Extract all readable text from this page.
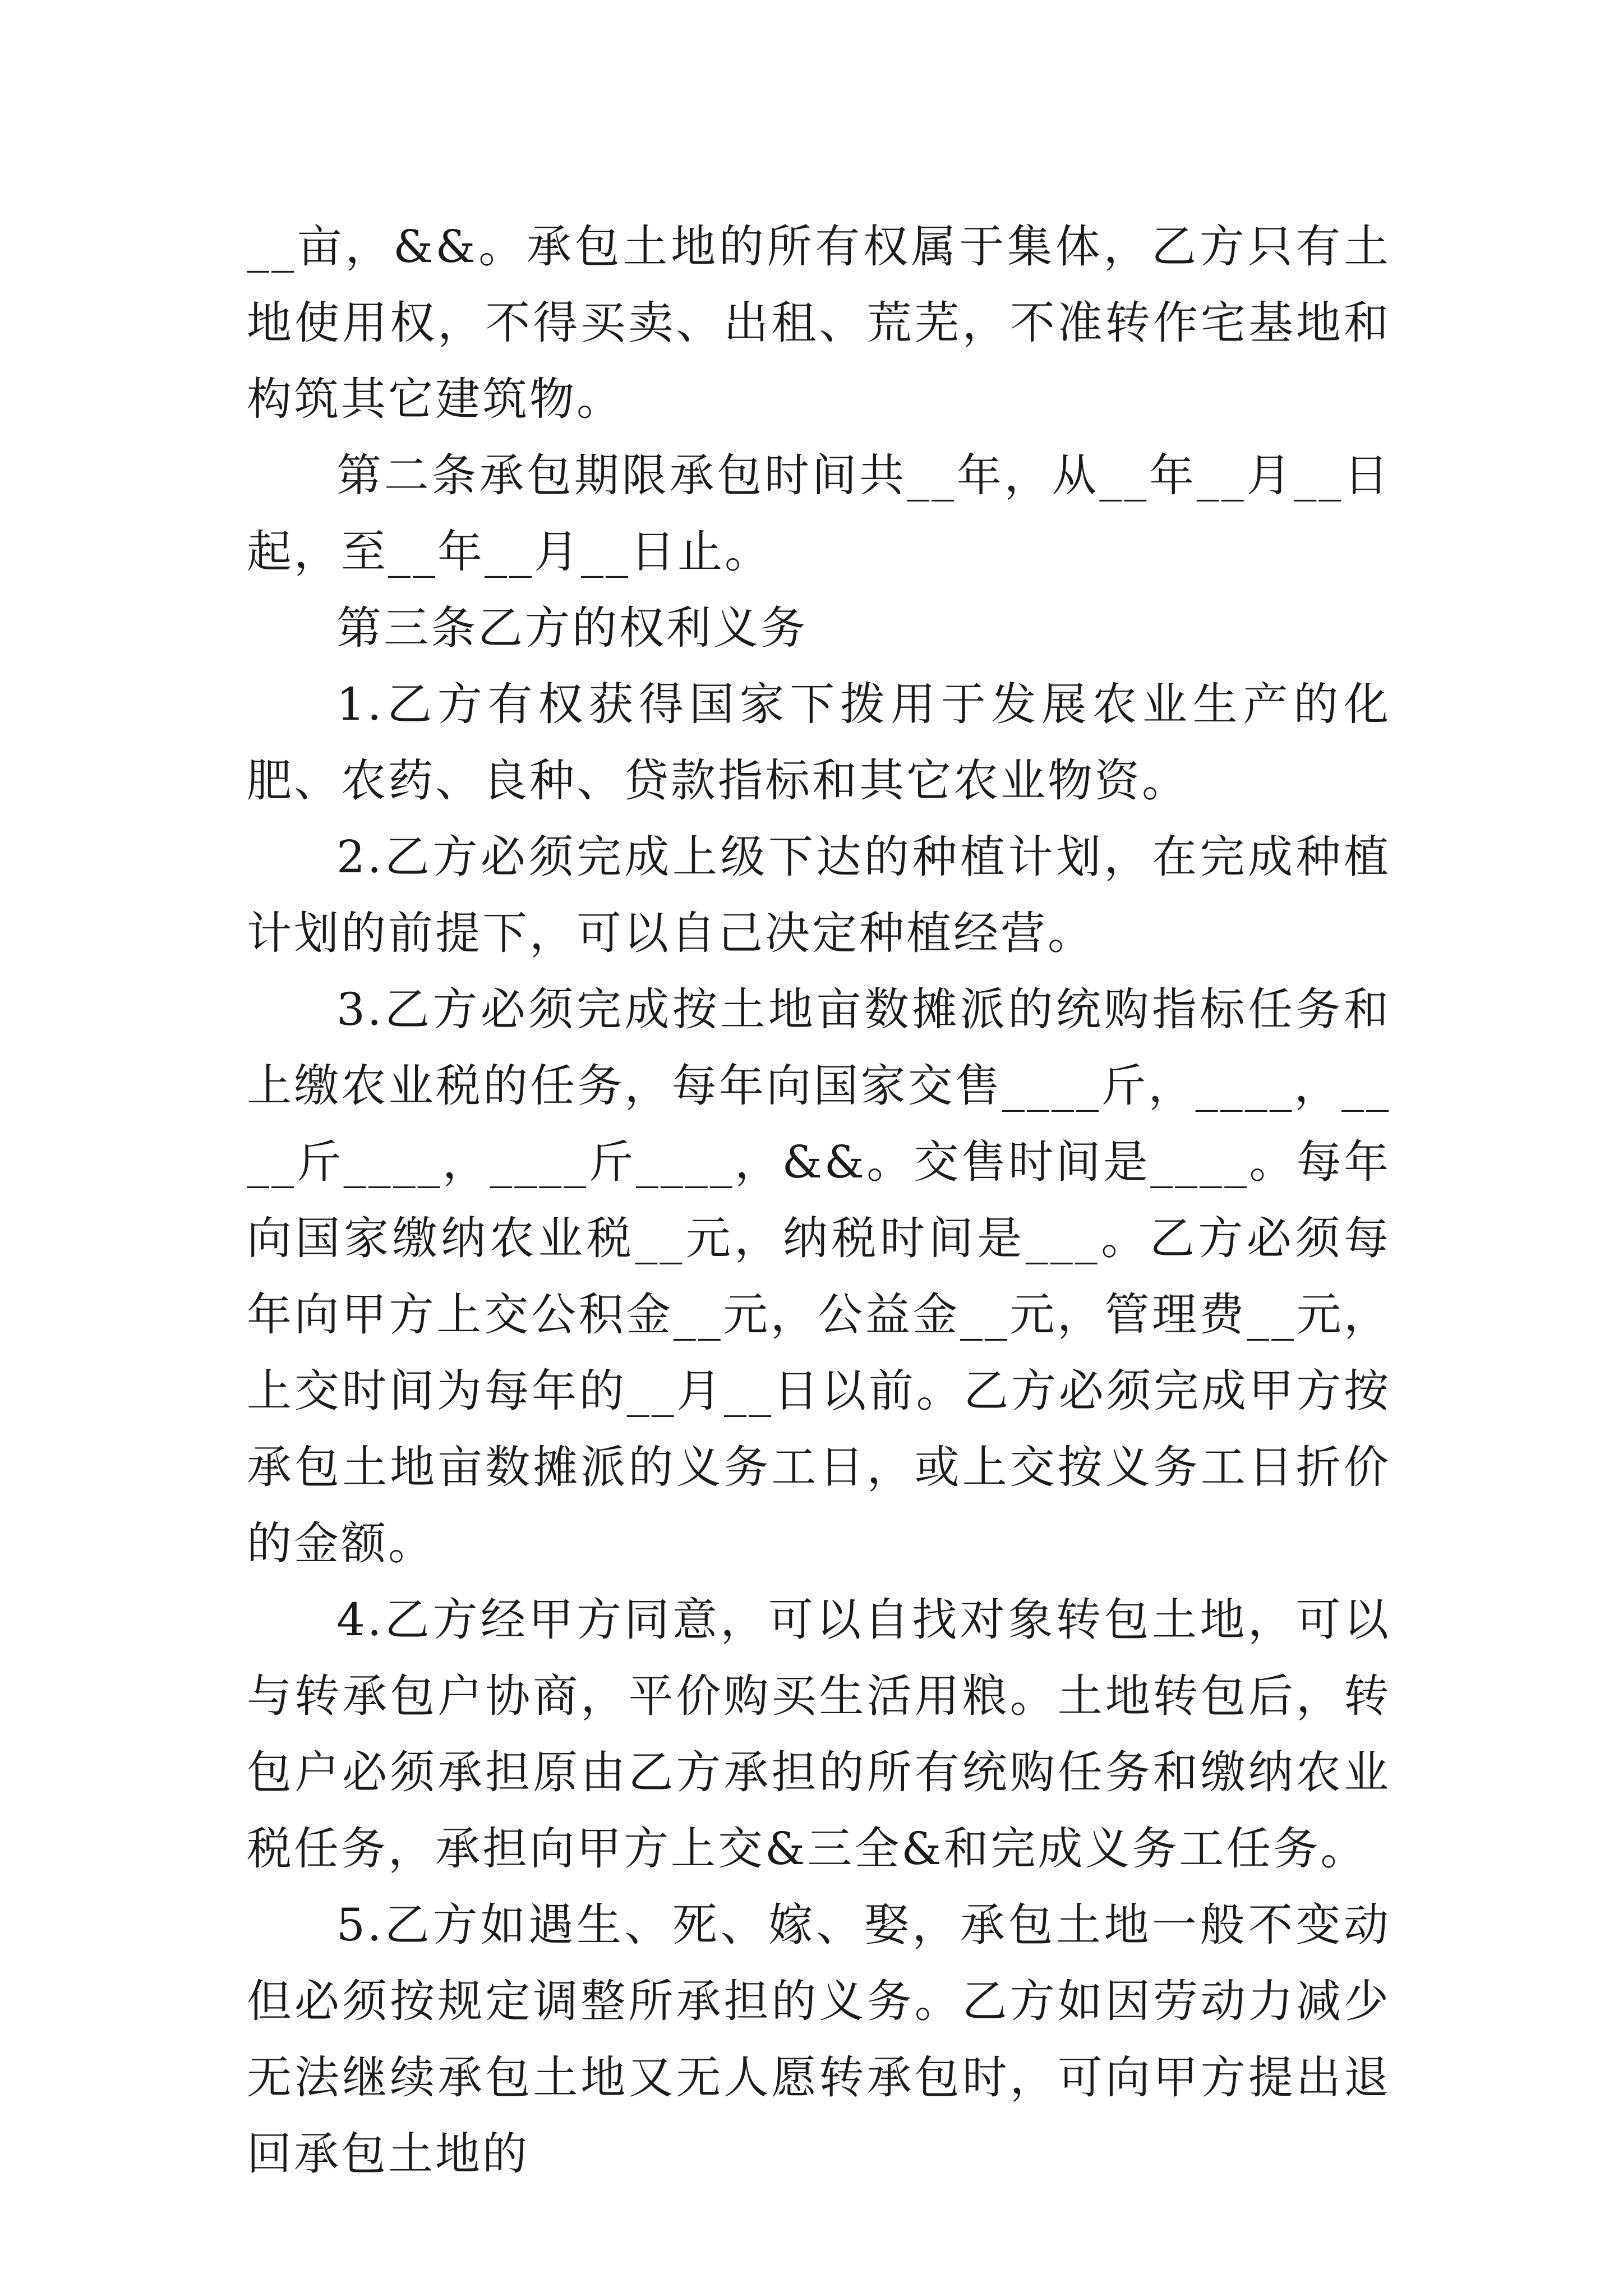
__亩，&&。承包土地的所有权属于集体，乙方只有土地使用权，不得买卖、出租、荒芜，不准转作宅基地和构筑其它建筑物。

第二条承包期限承包时间共__年，从__年__月__日起，至__年__月__日止。

第三条乙方的权利义务

1.乙方有权获得国家下拨用于发展农业生产的化肥、农药、良种、贷款指标和其它农业物资。

2.乙方必须完成上级下达的种植计划，在完成种植计划的前提下，可以自己决定种植经营。

3.乙方必须完成按土地亩数摊派的统购指标任务和上缴农业税的任务，每年向国家交售____斤，____，____斤____，____斤____，&&。交售时间是____。每年向国家缴纳农业税__元，纳税时间是___。乙方必须每年向甲方上交公积金__元，公益金__元，管理费__元，上交时间为每年的__月__日以前。乙方必须完成甲方按承包土地亩数摊派的义务工日，或上交按义务工日折价的金额。

4.乙方经甲方同意，可以自找对象转包土地，可以与转承包户协商，平价购买生活用粮。土地转包后，转包户必须承担原由乙方承担的所有统购任务和缴纳农业税任务，承担向甲方上交&三全&和完成义务工任务。

5.乙方如遇生、死、嫁、娶，承包土地一般不变动但必须按规定调整所承担的义务。乙方如因劳动力减少无法继续承包土地又无人愿转承包时，可向甲方提出退回承包土地的
